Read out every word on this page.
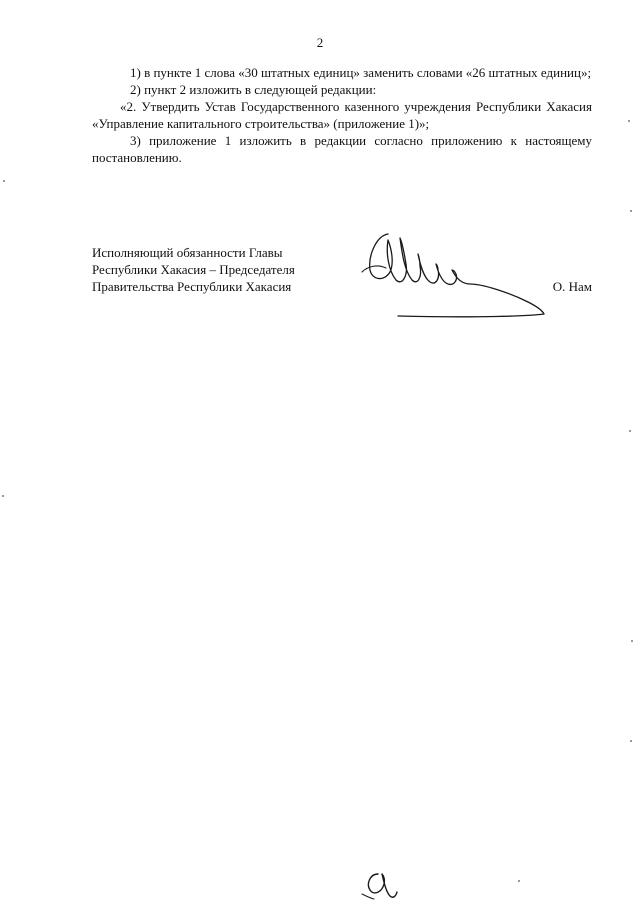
2

1) в пункте 1 слова «30 штатных единиц» заменить словами «26 штатных единиц»;

2) пункт 2 изложить в следующей редакции:

«2. Утвердить Устав Государственного казенного учреждения Республики Хакасия «Управление капитального строительства» (приложение 1)»;

3) приложение 1 изложить в редакции согласно приложению к настоящему постановлению.

Исполняющий обязанности Главы
Республики Хакасия – Председателя
Правительства Республики Хакасия	О. Нам
